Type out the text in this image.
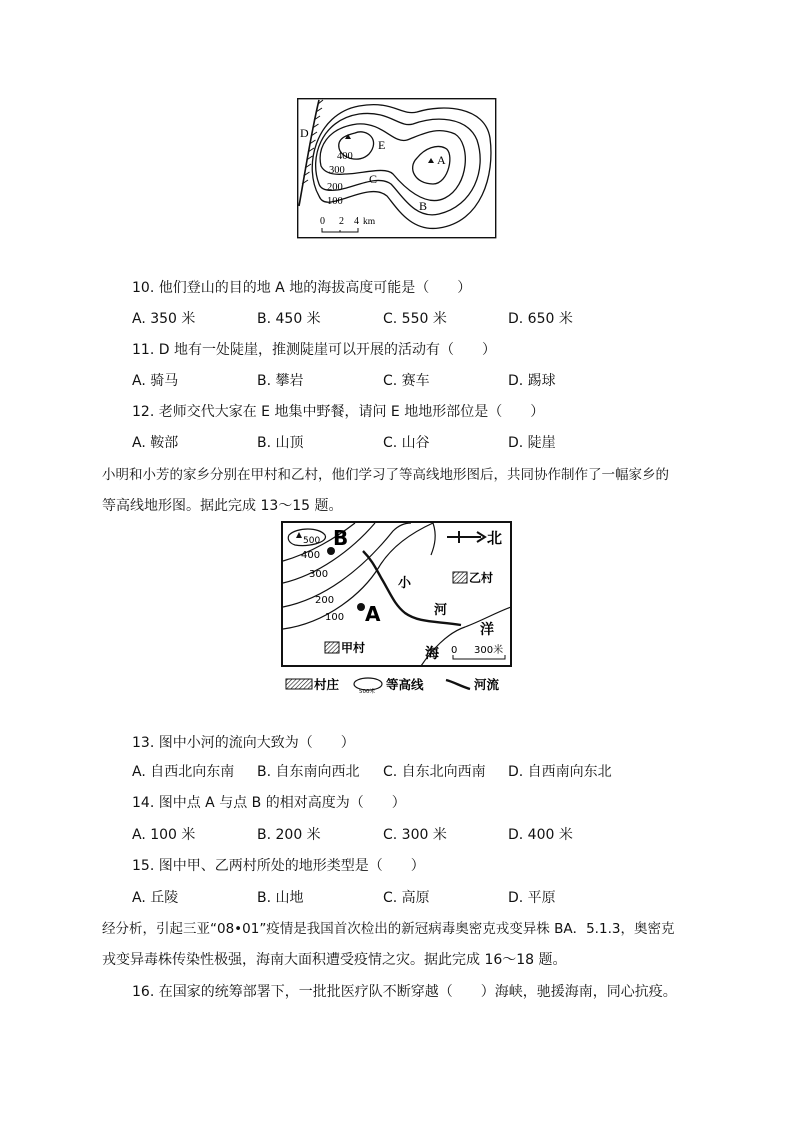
D
E
A
C
B
400
300
200
100
0 2 4 km
10. 他们登山的目的地 A 地的海拔高度可能是（　　）
A. 350 米	B. 450 米	C. 550 米	D. 650 米
11. D 地有一处陡崖，推测陡崖可以开展的活动有（　　）
A. 骑马	B. 攀岩	C. 赛车	D. 踢球
12. 老师交代大家在 E 地集中野餐，请问 E 地地形部位是（　　）
A. 鞍部	B. 山顶	C. 山谷	D. 陡崖
小明和小芳的家乡分别在甲村和乙村，他们学习了等高线地形图后，共同协作制作了一幅家乡的
等高线地形图。据此完成 13～15 题。
B
A
500
400
300
200
100
北
乙村
甲村
小
河
海
洋
0 300米
村庄	500米 等高线	河流
13. 图中小河的流向大致为（　　）
A. 自西北向东南 B. 自东南向西北 C. 自东北向西南 D. 自西南向东北
14. 图中点 A 与点 B 的相对高度为（　　）
A. 100 米	B. 200 米	C. 300 米	D. 400 米
15. 图中甲、乙两村所处的地形类型是（　　）
A. 丘陵	B. 山地	C. 高原	D. 平原
经分析，引起三亚“08•01”疫情是我国首次检出的新冠病毒奥密克戎变异株 BA．5.1.3，奥密克
戎变异毒株传染性极强，海南大面积遭受疫情之灾。据此完成 16～18 题。
16. 在国家的统筹部署下，一批批医疗队不断穿越（　　）海峡，驰援海南，同心抗疫。
